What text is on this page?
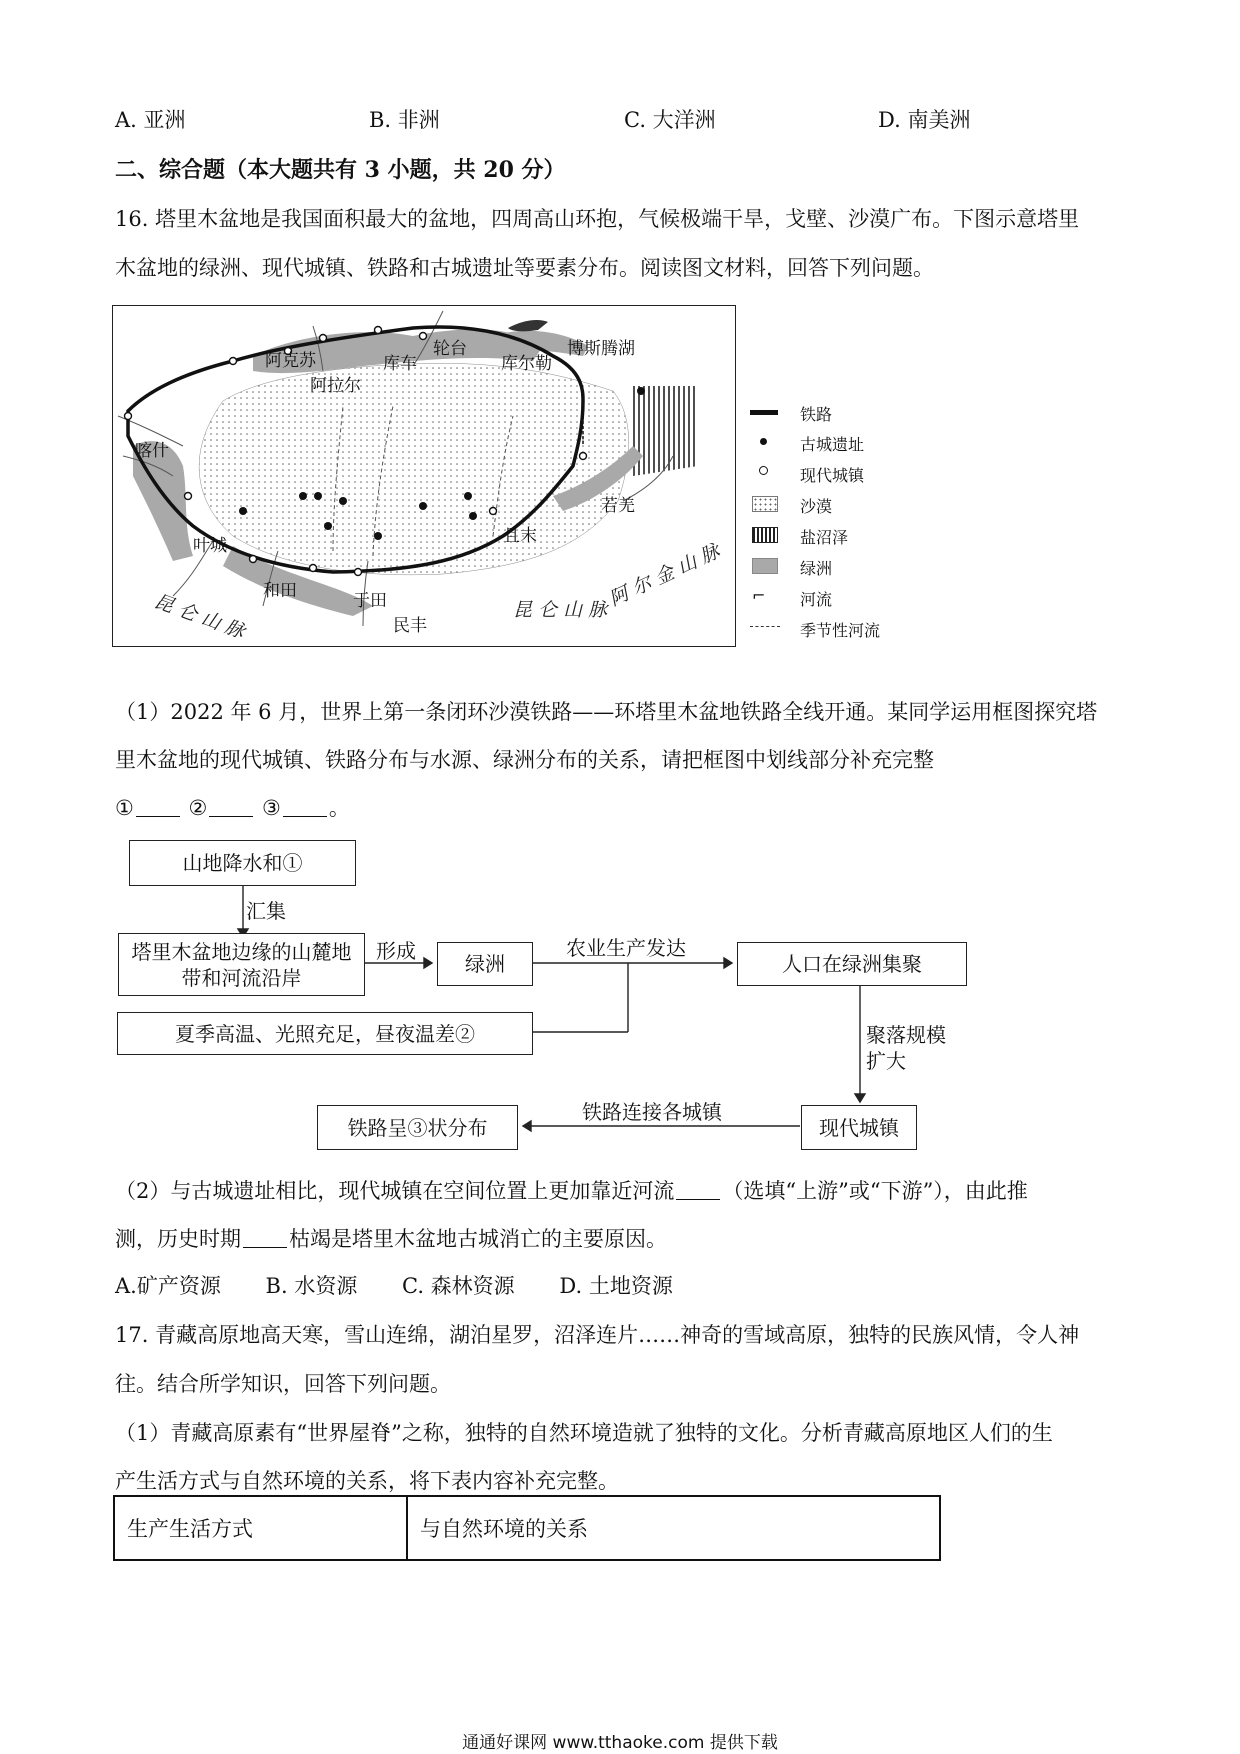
A. 亚洲	B. 非洲	C. 大洋洲	D. 南美洲
二、综合题（本大题共有 3 小题，共 20 分）
16. 塔里木盆地是我国面积最大的盆地，四周高山环抱，气候极端干旱，戈壁、沙漠广布。下图示意塔里
木盆地的绿洲、现代城镇、铁路和古城遗址等要素分布。阅读图文材料，回答下列问题。
阿克苏	库车
轮台
库尔勒
阿拉尔
喀什
叶城
和田	于田
民丰
且末
若羌
博斯腾湖
阿 尔 金 山 脉
昆 仑 山 脉
昆 仑 山 脉
铁路
古城遗址
现代城镇
沙漠
盐沼泽
绿洲
⌐ 河流
季节性河流
（1）2022 年 6 月，世界上第一条闭环沙漠铁路——环塔里木盆地铁路全线开通。某同学运用框图探究塔
里木盆地的现代城镇、铁路分布与水源、绿洲分布的关系，请把框图中划线部分补充完整
①	②	③ 。
山地降水和①
汇集
塔里木盆地边缘的山麓地带和河流沿岸
形成
绿洲
农业生产发达
人口在绿洲集聚
夏季高温、光照充足，昼夜温差②	聚落规模扩大
铁路连接各城镇
现代城镇
铁路呈③状分布
（2）与古城遗址相比，现代城镇在空间位置上更加靠近河流 （选填“上游”或“下游”），由此推
测，历史时期 枯竭是塔里木盆地古城消亡的主要原因。
A.矿产资源 B. 水资源 C. 森林资源 D. 土地资源
17. 青藏高原地高天寒，雪山连绵，湖泊星罗，沼泽连片……神奇的雪域高原，独特的民族风情，令人神
往。结合所学知识，回答下列问题。
（1）青藏高原素有“世界屋脊”之称，独特的自然环境造就了独特的文化。分析青藏高原地区人们的生
产生活方式与自然环境的关系，将下表内容补充完整。
生产生活方式	与自然环境的关系
通通好课网 www.tthaoke.com 提供下载
